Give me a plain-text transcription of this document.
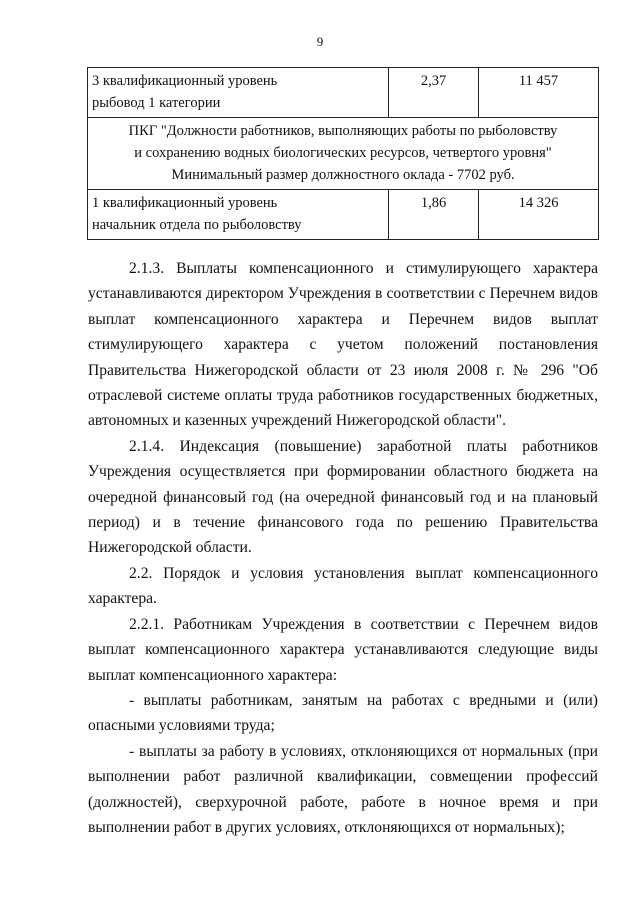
9
3 квалификационный уровень
рыбовод 1 категории	2,37	11 457

ПКГ "Должности работников, выполняющих работы по рыболовству
и сохранению водных биологических ресурсов, четвертого уровня"
Минимальный размер должностного оклада - 7702 руб.		

1 квалификационный уровень
начальник отдела по рыболовству	1,86	14 326

2.1.3. Выплаты компенсационного и стимулирующего характера устанавливаются директором Учреждения в соответствии с Перечнем видов выплат компенсационного характера и Перечнем видов выплат стимулирующего характера с учетом положений постановления Правительства Нижегородской области от 23 июля 2008 г. № 296 "Об отраслевой системе оплаты труда работников государственных бюджетных, автономных и казенных учреждений Нижегородской области".

2.1.4. Индексация (повышение) заработной платы работников Учреждения осуществляется при формировании областного бюджета на очередной финансовый год (на очередной финансовый год и на плановый период) и в течение финансового года по решению Правительства Нижегородской области.

2.2. Порядок и условия установления выплат компенсационного характера.

2.2.1. Работникам Учреждения в соответствии с Перечнем видов выплат компенсационного характера устанавливаются следующие виды выплат компенсационного характера:

- выплаты работникам, занятым на работах с вредными и (или) опасными условиями труда;

- выплаты за работу в условиях, отклоняющихся от нормальных (при выполнении работ различной квалификации, совмещении профессий (должностей), сверхурочной работе, работе в ночное время и при выполнении работ в других условиях, отклоняющихся от нормальных);
